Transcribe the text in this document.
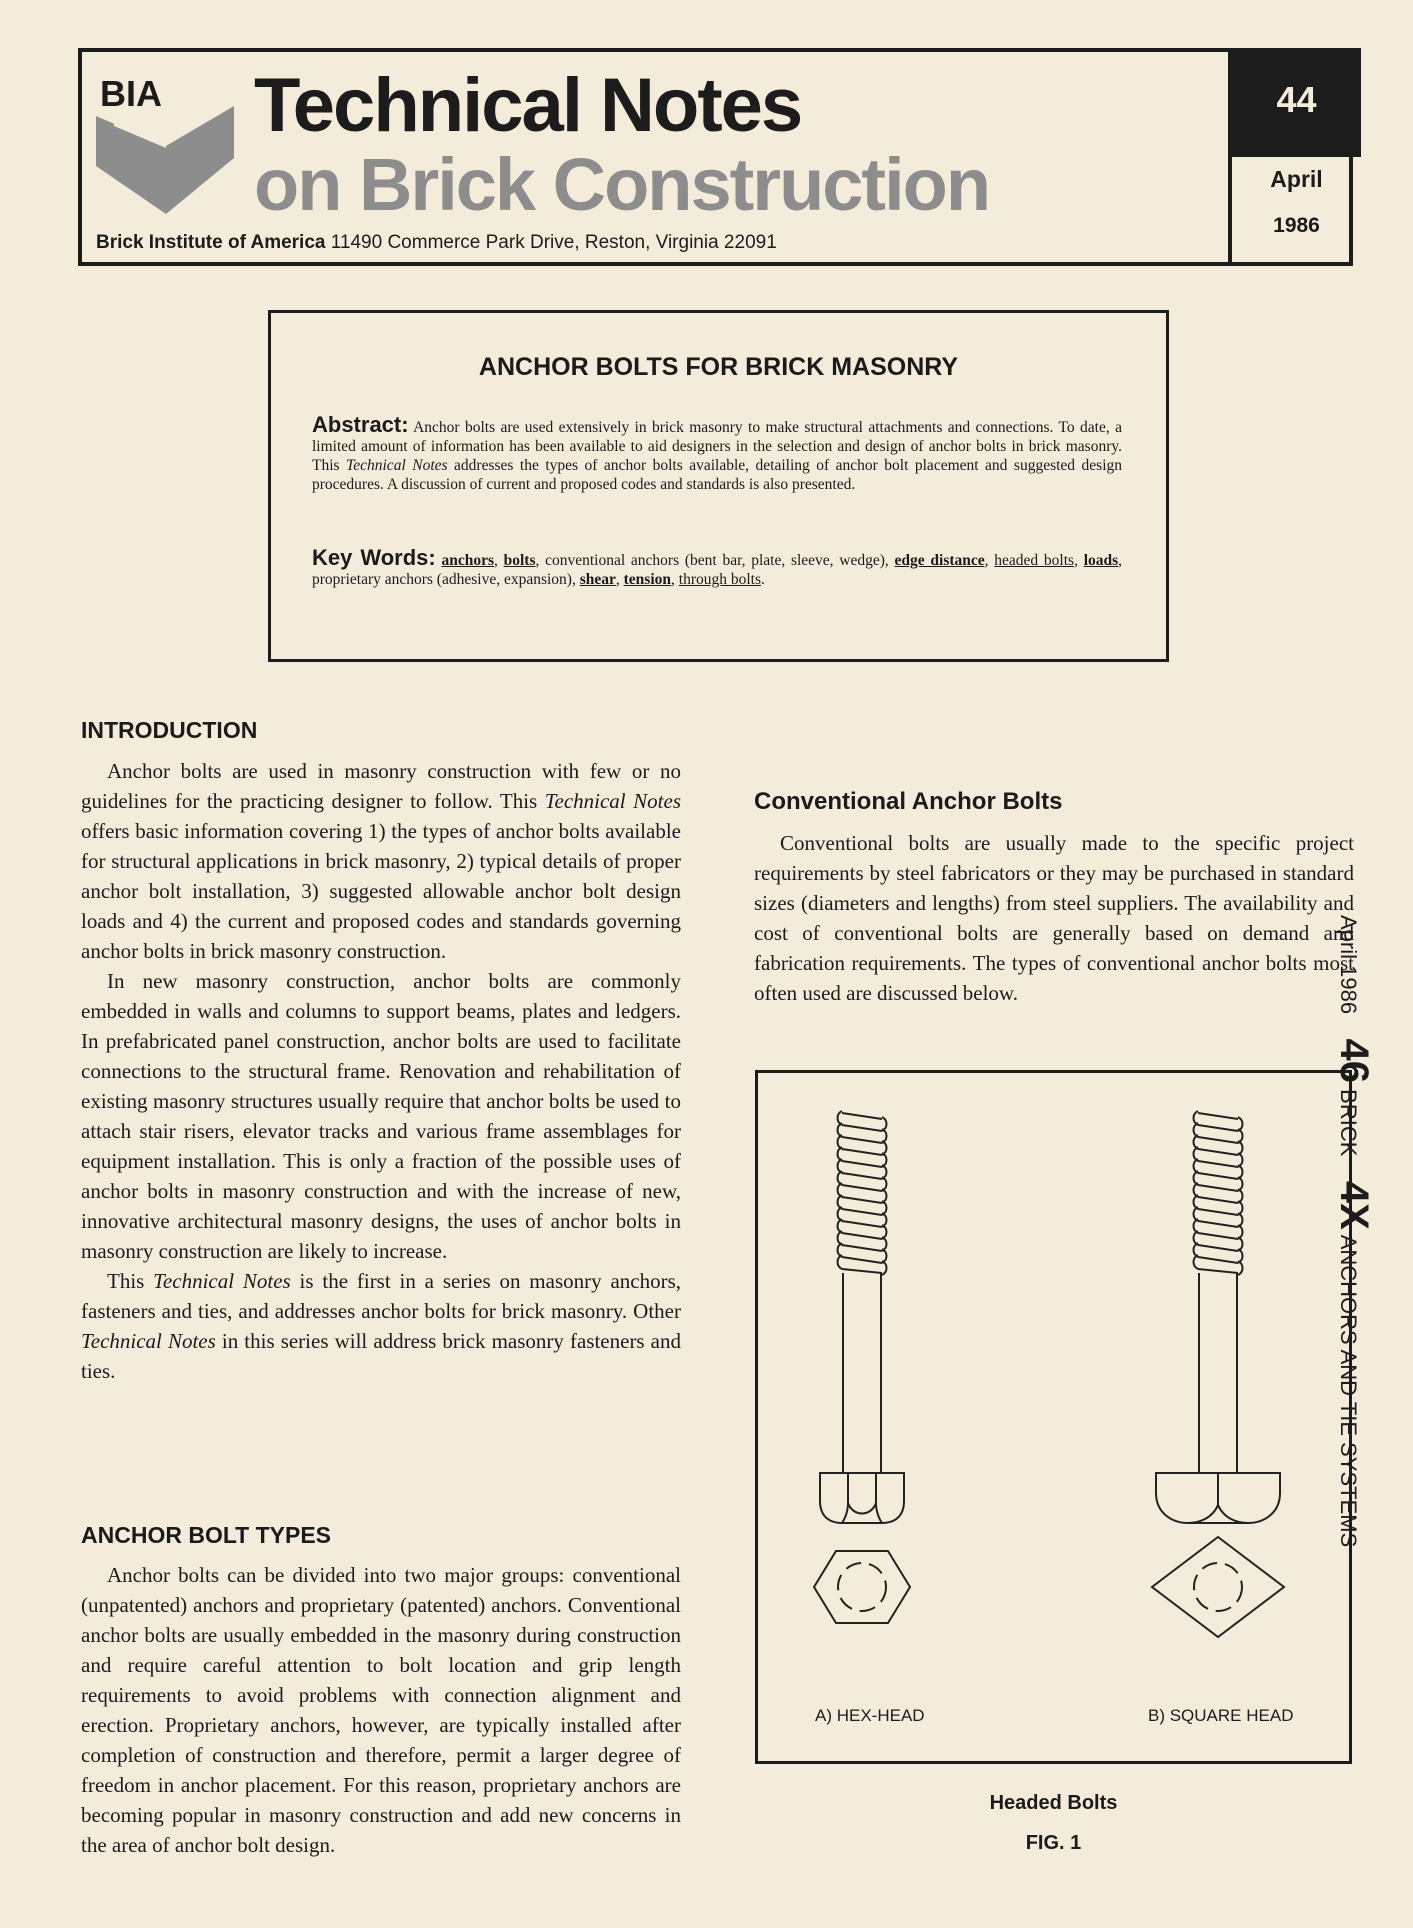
BIA Technical Notes
on Brick Construction
Brick Institute of America 11490 Commerce Park Drive, Reston, Virginia 22091
44
April
1986
ANCHOR BOLTS FOR BRICK MASONRY
Abstract: Anchor bolts are used extensively in brick masonry to make structural attachments and connections. To date, a limited amount of information has been available to aid designers in the selection and design of anchor bolts in brick masonry. This Technical Notes addresses the types of anchor bolts available, detailing of anchor bolt placement and suggested design procedures. A discussion of current and proposed codes and standards is also presented.
Key Words: anchors, bolts, conventional anchors (bent bar, plate, sleeve, wedge), edge distance, headed bolts, loads, proprietary anchors (adhesive, expansion), shear, tension, through bolts.
INTRODUCTION

Anchor bolts are used in masonry construction with few or no guidelines for the practicing designer to follow. This Technical Notes offers basic information covering 1) the types of anchor bolts available for structural applications in brick masonry, 2) typical details of proper anchor bolt installation, 3) suggested allowable anchor bolt design loads and 4) the current and proposed codes and standards governing anchor bolts in brick masonry construction.

In new masonry construction, anchor bolts are commonly embedded in walls and columns to support beams, plates and ledgers. In prefabricated panel construction, anchor bolts are used to facilitate connections to the structural frame. Renovation and rehabilitation of existing masonry structures usually require that anchor bolts be used to attach stair risers, elevator tracks and various frame assemblages for equipment installation. This is only a fraction of the possible uses of anchor bolts in masonry construction and with the increase of new, innovative architectural masonry designs, the uses of anchor bolts in masonry construction are likely to increase.

This Technical Notes is the first in a series on masonry anchors, fasteners and ties, and addresses anchor bolts for brick masonry. Other Technical Notes in this series will address brick masonry fasteners and ties.

ANCHOR BOLT TYPES

Anchor bolts can be divided into two major groups: conventional (unpatented) anchors and proprietary (patented) anchors. Conventional anchor bolts are usually embedded in the masonry during construction and require careful attention to bolt location and grip length requirements to avoid problems with connection alignment and erection. Proprietary anchors, however, are typically installed after completion of construction and therefore, permit a larger degree of freedom in anchor placement. For this reason, proprietary anchors are becoming popular in masonry construction and add new concerns in the area of anchor bolt design.

Conventional Anchor Bolts

Conventional bolts are usually made to the specific project requirements by steel fabricators or they may be purchased in standard sizes (diameters and lengths) from steel suppliers. The availability and cost of conventional bolts are generally based on demand and fabrication requirements. The types of conventional anchor bolts most often used are discussed below.

A) HEX-HEAD	B) SQUARE HEAD
Headed Bolts
FIG. 1
April 1986    46 BRICK    4X ANCHORS AND TIE SYSTEMS
